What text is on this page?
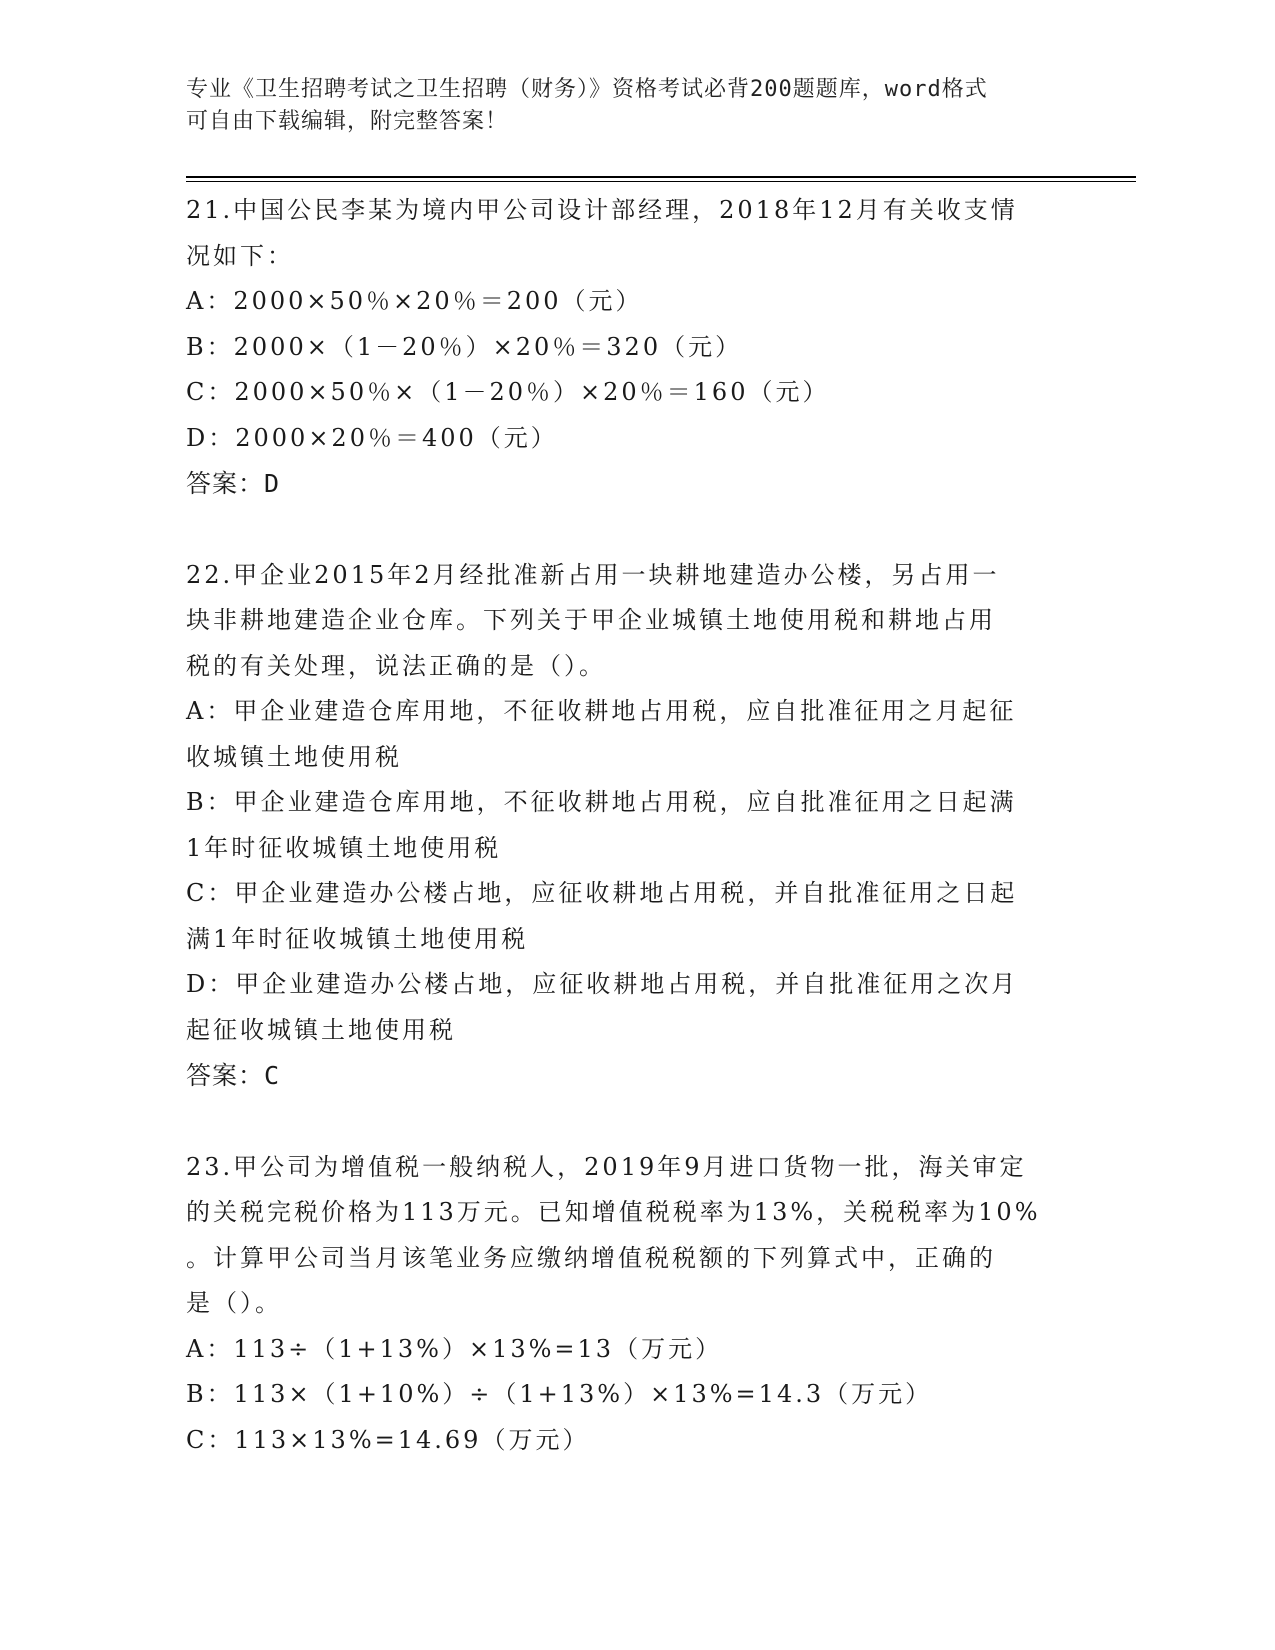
专业《卫生招聘考试之卫生招聘（财务）》资格考试必背200题题库，word格式
可自由下载编辑，附完整答案！

21.中国公民李某为境内甲公司设计部经理，2018年12月有关收支情

况如下：

A：2000×50％×20％＝200（元）

B：2000×（1－20％）×20％＝320（元）

C：2000×50％×（1－20％）×20％＝160（元）

D：2000×20％＝400（元）

答案：D

22.甲企业2015年2月经批准新占用一块耕地建造办公楼，另占用一

块非耕地建造企业仓库。下列关于甲企业城镇土地使用税和耕地占用

税的有关处理，说法正确的是（）。

A：甲企业建造仓库用地，不征收耕地占用税，应自批准征用之月起征

收城镇土地使用税

B：甲企业建造仓库用地，不征收耕地占用税，应自批准征用之日起满

1年时征收城镇土地使用税

C：甲企业建造办公楼占地，应征收耕地占用税，并自批准征用之日起

满1年时征收城镇土地使用税

D：甲企业建造办公楼占地，应征收耕地占用税，并自批准征用之次月

起征收城镇土地使用税

答案：C

23.甲公司为增值税一般纳税人，2019年9月进口货物一批，海关审定

的关税完税价格为113万元。已知增值税税率为13%，关税税率为10%

。计算甲公司当月该笔业务应缴纳增值税税额的下列算式中，正确的

是（）。

A：113÷（1+13%）×13%=13（万元）

B：113×（1+10%）÷（1+13%）×13%=14.3（万元）

C：113×13%=14.69（万元）
